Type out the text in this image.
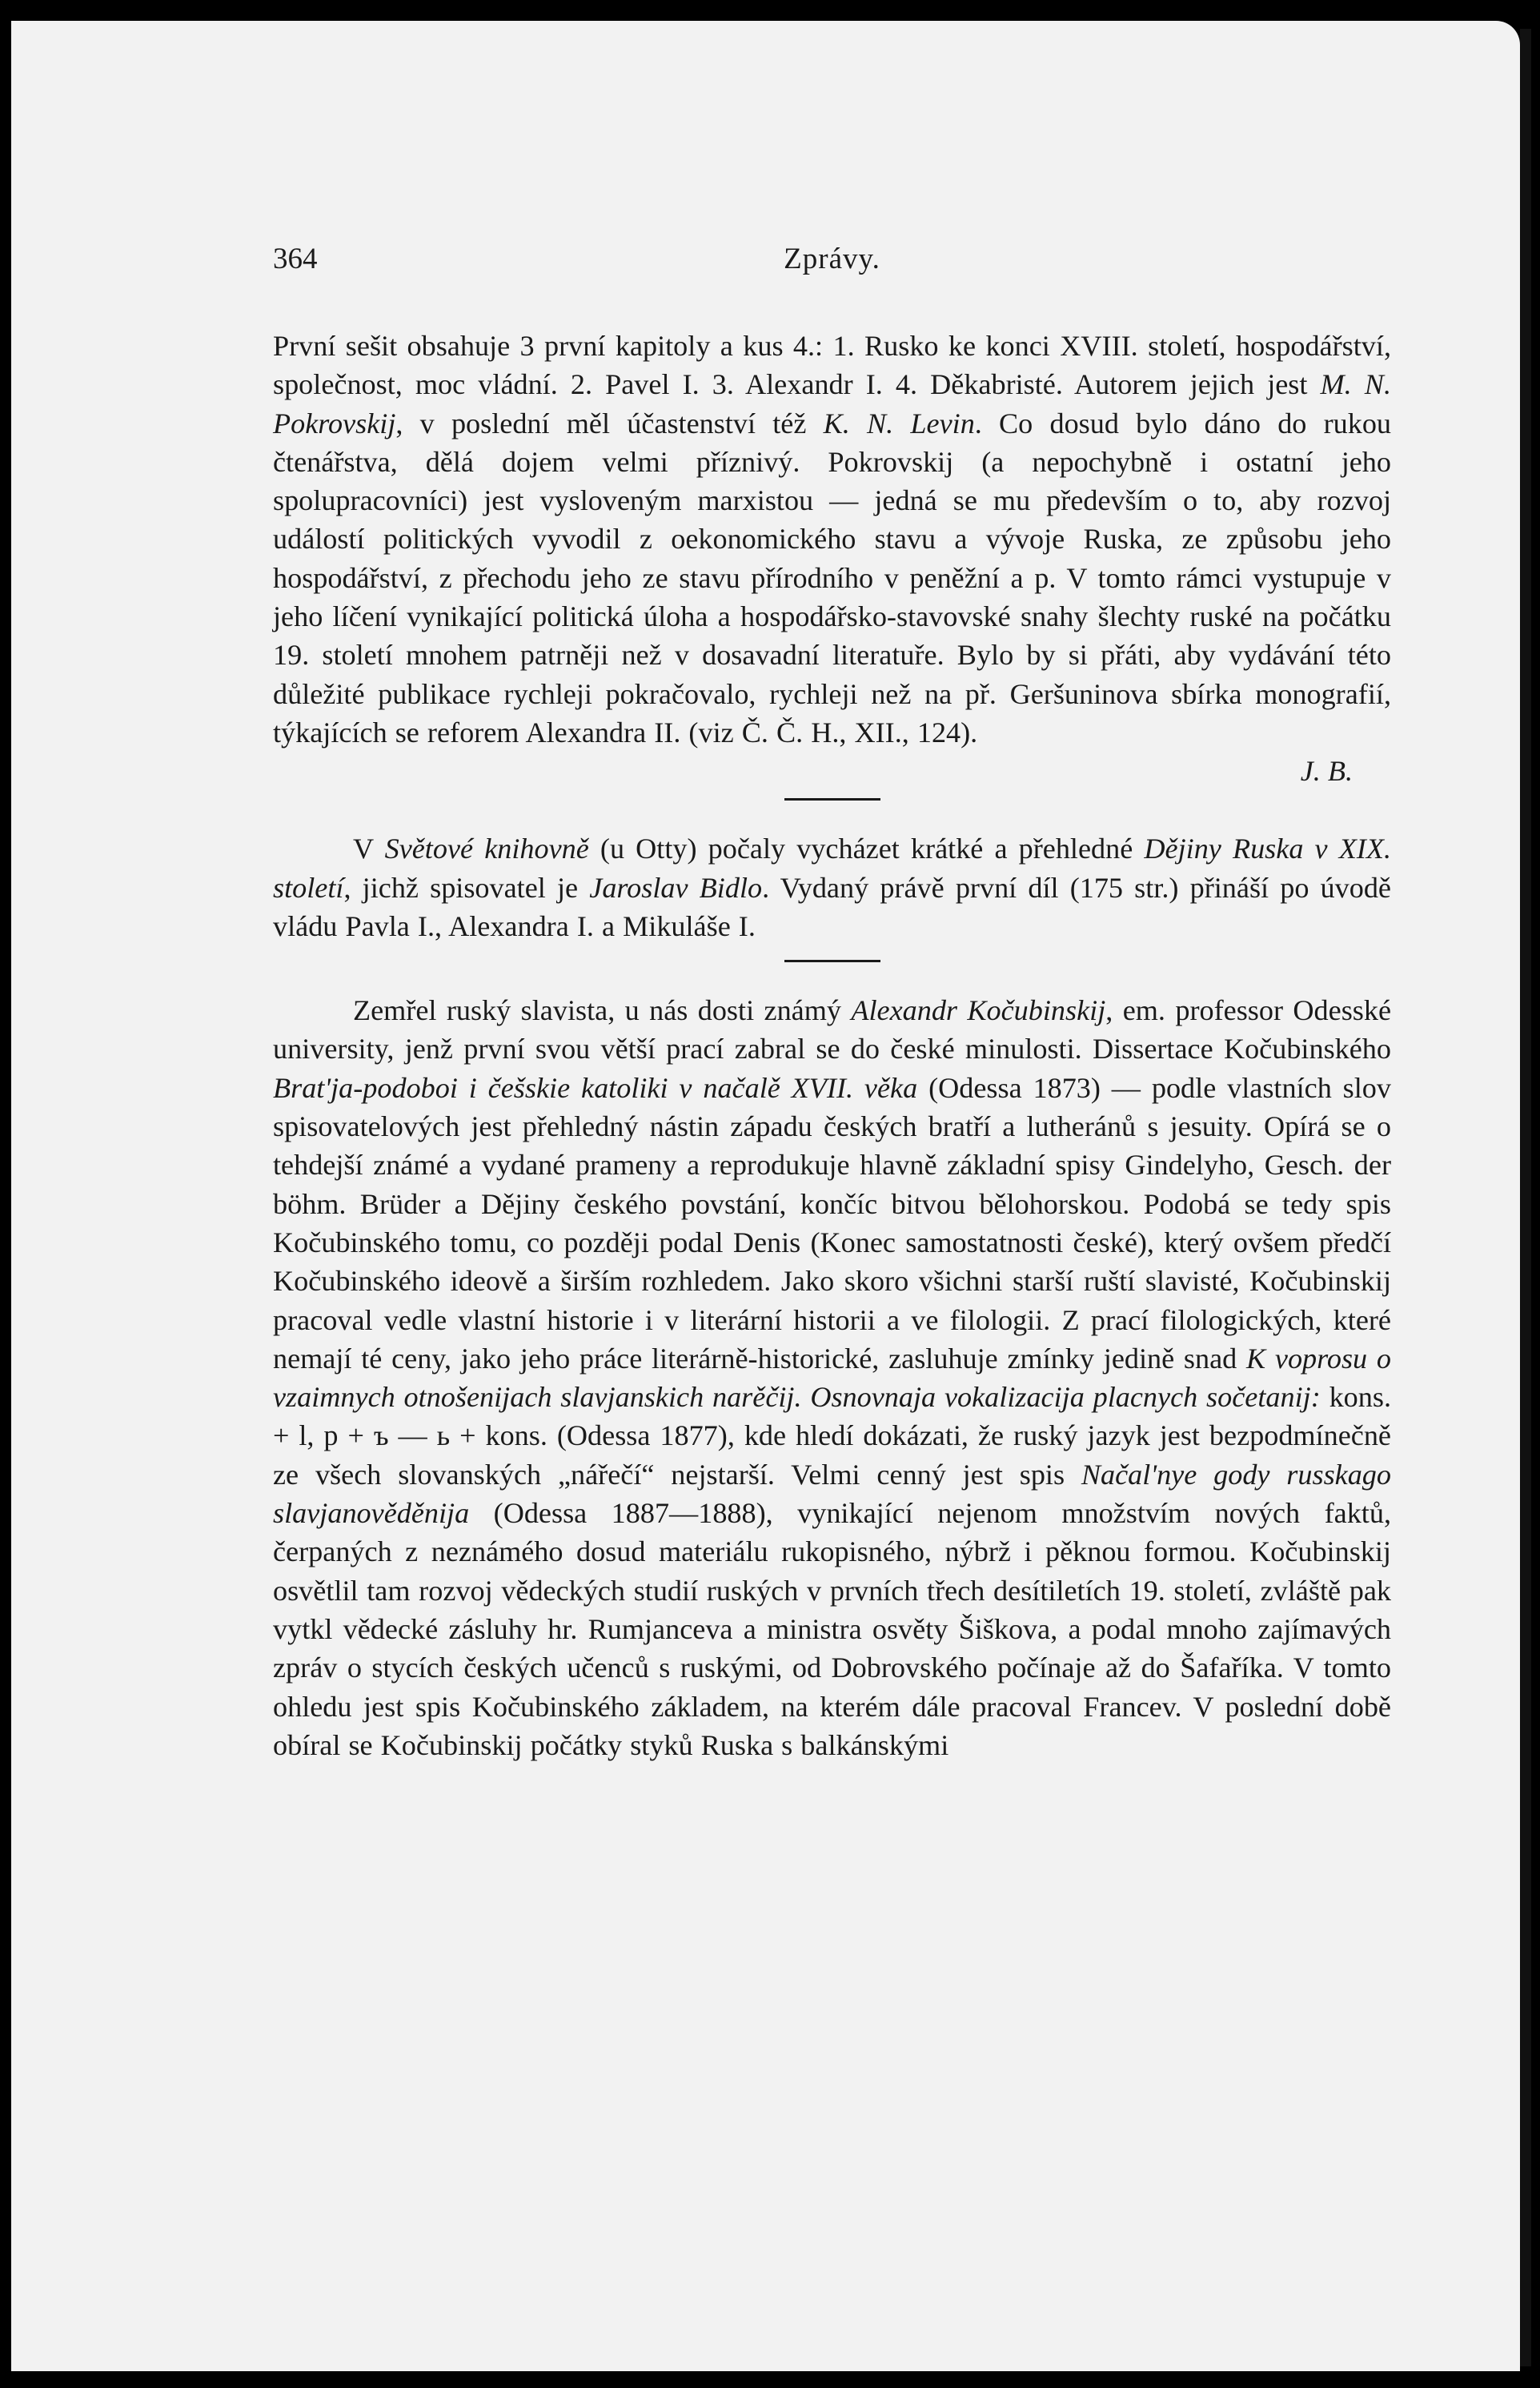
364	Zprávy.

První sešit obsahuje 3 první kapitoly a kus 4.: 1. Rusko ke konci XVIII. století, hospodářství, společnost, moc vládní. 2. Pavel I. 3. Alexandr I. 4. Děkabristé. Autorem jejich jest M. N. Pokrovskij, v poslední měl účastenství též K. N. Levin. Co dosud bylo dáno do rukou čtenářstva, dělá dojem velmi příznivý. Pokrovskij (a nepochybně i ostatní jeho spolupracovníci) jest vysloveným marxistou — jedná se mu především o to, aby rozvoj událostí politických vyvodil z oekonomického stavu a vývoje Ruska, ze způsobu jeho hospodářství, z přechodu jeho ze stavu přírodního v peněžní a p. V tomto rámci vystupuje v jeho líčení vynikající politická úloha a hospodářsko-stavovské snahy šlechty ruské na počátku 19. století mnohem patrněji než v dosavadní literatuře. Bylo by si přáti, aby vydávání této důležité publikace rychleji pokračovalo, rychleji než na př. Geršuninova sbírka monografií, týkajících se reforem Alexandra II. (viz Č. Č. H., XII., 124).

J. B.

V Světové knihovně (u Otty) počaly vycházet krátké a přehledné Dějiny Ruska v XIX. století, jichž spisovatel je Jaroslav Bidlo. Vydaný právě první díl (175 str.) přináší po úvodě vládu Pavla I., Alexandra I. a Mikuláše I.

Zemřel ruský slavista, u nás dosti známý Alexandr Kočubinskij, em. professor Odesské university, jenž první svou větší prací zabral se do české minulosti. Dissertace Kočubinského Brat'ja-podoboi i češskie katoliki v načalě XVII. věka (Odessa 1873) — podle vlastních slov spisovatelových jest přehledný nástin západu českých bratří a lutheránů s jesuity. Opírá se o tehdejší známé a vydané prameny a reprodukuje hlavně základní spisy Gindelyho, Gesch. der böhm. Brüder a Dějiny českého povstání, končíc bitvou bělohorskou. Podobá se tedy spis Kočubinského tomu, co později podal Denis (Konec samostatnosti české), který ovšem předčí Kočubinského ideově a širším rozhledem. Jako skoro všichni starší ruští slavisté, Kočubinskij pracoval vedle vlastní historie i v literární historii a ve filologii. Z prací filologických, které nemají té ceny, jako jeho práce literárně-historické, zasluhuje zmínky jedině snad K voprosu o vzaimnych otnošenijach slavjanskich narěčij. Osnovnaja vokalizacija placnych sočetanij: kons. + l, p + ъ — ь + kons. (Odessa 1877), kde hledí dokázati, že ruský jazyk jest bezpodmínečně ze všech slovanských „nářečí“ nejstarší. Velmi cenný jest spis Načal'nye gody russkago slavjanověděnija (Odessa 1887—1888), vynikající nejenom množstvím nových faktů, čerpaných z neznámého dosud materiálu rukopisného, nýbrž i pěknou formou. Kočubinskij osvětlil tam rozvoj vědeckých studií ruských v prvních třech desítiletích 19. století, zvláště pak vytkl vědecké zásluhy hr. Rumjanceva a ministra osvěty Šiškova, a podal mnoho zajímavých zpráv o stycích českých učenců s ruskými, od Dobrovského počínaje až do Šafaříka. V tomto ohledu jest spis Kočubinského základem, na kterém dále pracoval Francev. V poslední době obíral se Kočubinskij počátky styků Ruska s balkánskými
